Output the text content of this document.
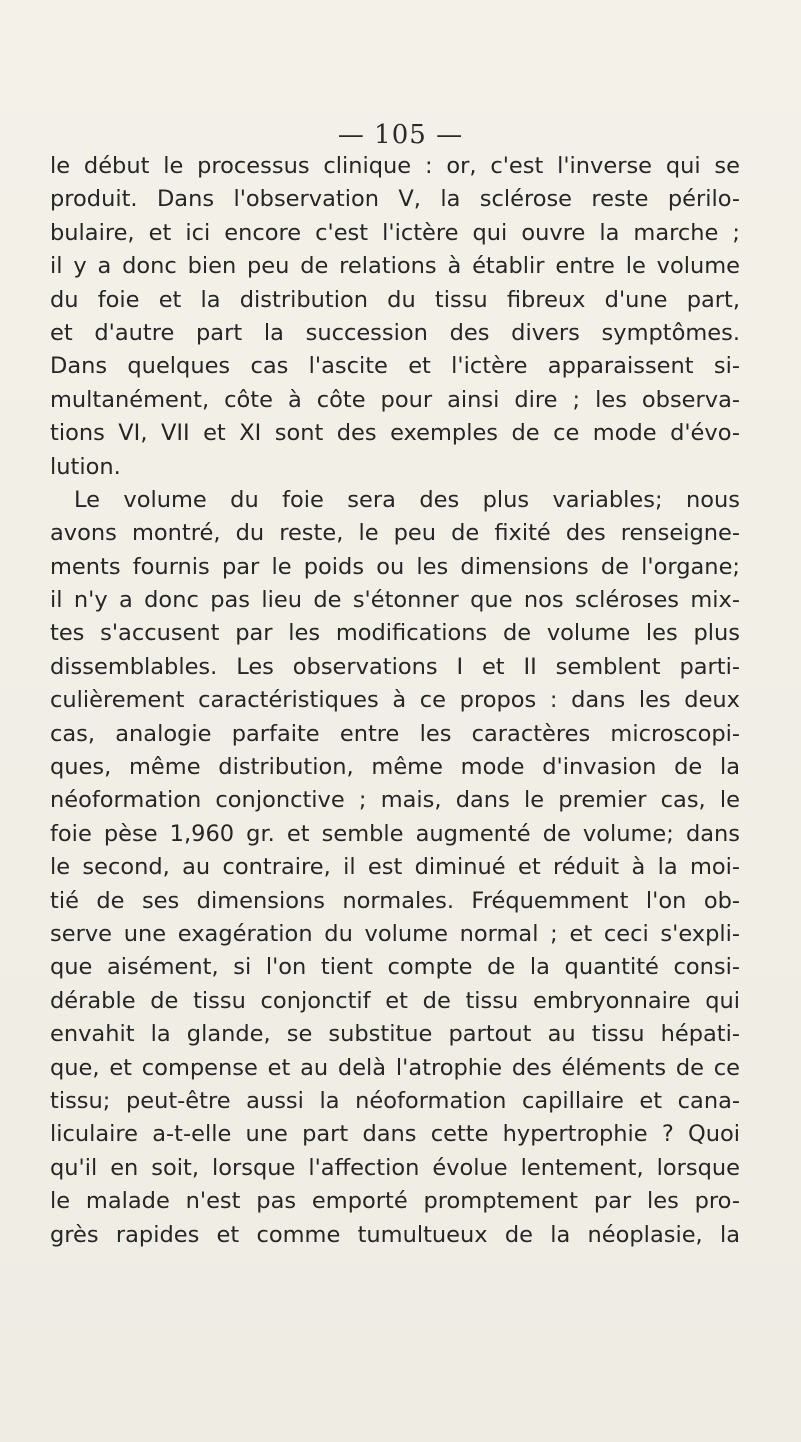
— 105 —
le début le processus clinique : or, c'est l'inverse qui se
produit. Dans l'observation V, la sclérose reste périlo-
bulaire, et ici encore c'est l'ictère qui ouvre la marche ;
il y a donc bien peu de relations à établir entre le volume
du foie et la distribution du tissu fibreux d'une part,
et d'autre part la succession des divers symptômes.
Dans quelques cas l'ascite et l'ictère apparaissent si-
multanément, côte à côte pour ainsi dire ; les observa-
tions VI, VII et XI sont des exemples de ce mode d'évo-
lution.
Le volume du foie sera des plus variables; nous
avons montré, du reste, le peu de fixité des renseigne-
ments fournis par le poids ou les dimensions de l'organe;
il n'y a donc pas lieu de s'étonner que nos scléroses mix-
tes s'accusent par les modifications de volume les plus
dissemblables. Les observations I et II semblent parti-
culièrement caractéristiques à ce propos : dans les deux
cas, analogie parfaite entre les caractères microscopi-
ques, même distribution, même mode d'invasion de la
néoformation conjonctive ; mais, dans le premier cas, le
foie pèse 1,960 gr. et semble augmenté de volume; dans
le second, au contraire, il est diminué et réduit à la moi-
tié de ses dimensions normales. Fréquemment l'on ob-
serve une exagération du volume normal ; et ceci s'expli-
que aisément, si l'on tient compte de la quantité consi-
dérable de tissu conjonctif et de tissu embryonnaire qui
envahit la glande, se substitue partout au tissu hépati-
que, et compense et au delà l'atrophie des éléments de ce
tissu; peut-être aussi la néoformation capillaire et cana-
liculaire a-t-elle une part dans cette hypertrophie ? Quoi
qu'il en soit, lorsque l'affection évolue lentement, lorsque
le malade n'est pas emporté promptement par les pro-
grès rapides et comme tumultueux de la néoplasie, la
